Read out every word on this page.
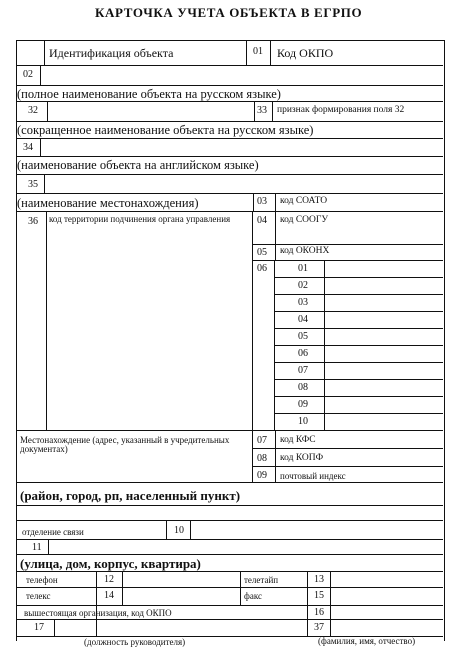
КАРТОЧКА УЧЕТА ОБЪЕКТА В ЕГРПО
Идентификация объекта	01 Код ОКПО
02
(полное наименование объекта на русском языке)
32	33 признак формирования поля 32
(сокращенное наименование объекта на русском языке)
34
(наименование объекта на английском языке)
35
(наименование местонахождения)	03 код СОАТО
36 код территории подчинения органа управления	04 код СООГУ
05 код ОКОНХ
06	01
02
03
04
05
06
07
08
09
10
Местонахождение (адрес, указанный в учредительных документах)
07 код КФС
08 код КОПФ
09 почтовый индекс
(район, город, рп, населенный пункт)
отделение связи	10
11
(улица, дом, корпус, квартира)
телефон	12	телетайп	13
телекс	14	факс	15
вышестоящая организация, код ОКПО	16
17	37
(должность руководителя)	(фамилия, имя, отчество)
